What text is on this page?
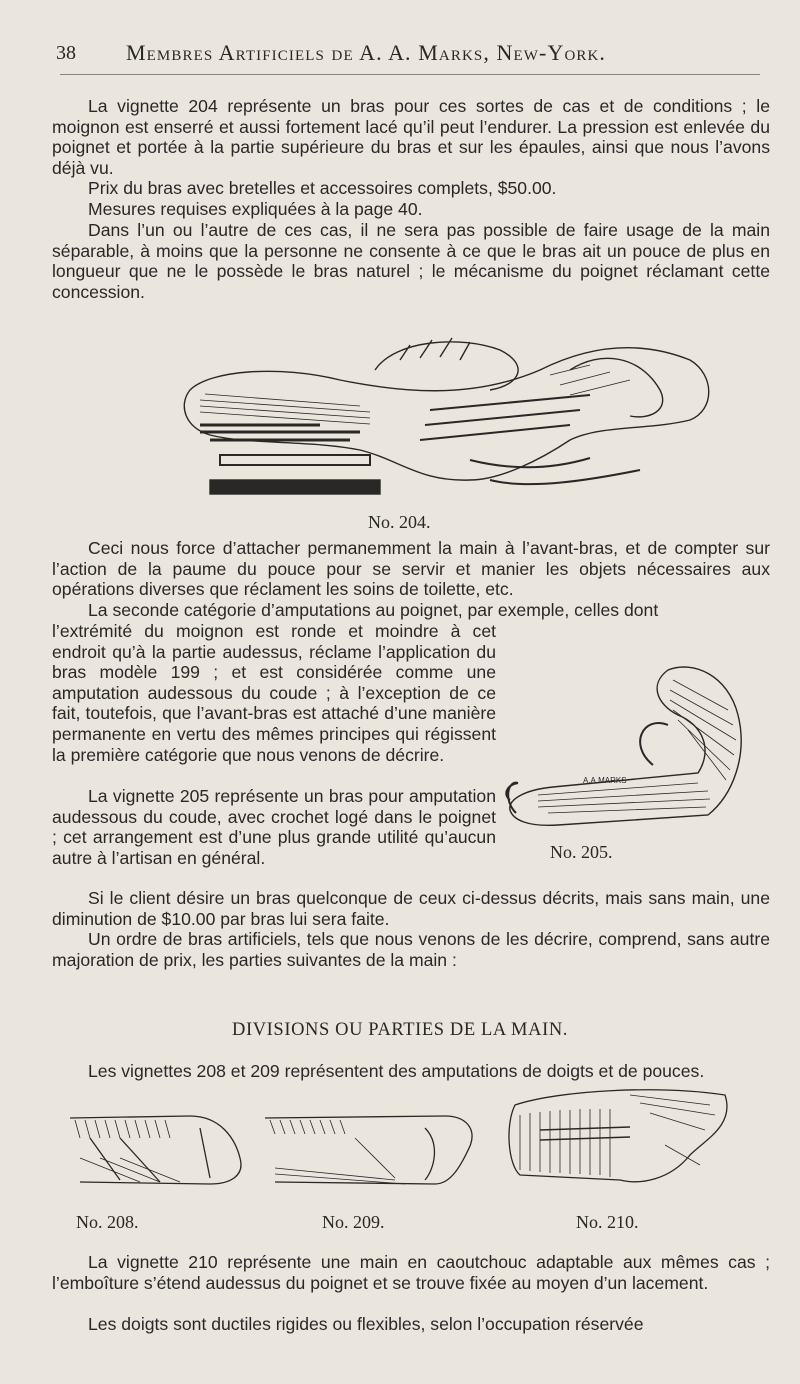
38 Membres Artificiels de A. A. Marks, New-York.

La vignette 204 représente un bras pour ces sortes de cas et de conditions ; le moignon est enserré et aussi fortement lacé qu’il peut l’endurer. La pression est enlevée du poignet et portée à la partie supérieure du bras et sur les épaules, ainsi que nous l’avons déjà vu.

Prix du bras avec bretelles et accessoires complets, $50.00.

Mesures requises expliquées à la page 40.

Dans l’un ou l’autre de ces cas, il ne sera pas possible de faire usage de la main séparable, à moins que la personne ne consente à ce que le bras ait un pouce de plus en longueur que ne le possède le bras naturel ; le mécanisme du poignet réclamant cette concession.

No. 204.

Ceci nous force d’attacher permanemment la main à l’avant-bras, et de compter sur l’action de la paume du pouce pour se servir et manier les objets nécessaires aux opérations diverses que réclament les soins de toilette, etc.

La seconde catégorie d’amputations au poignet, par exemple, celles dont

l’extrémité du moignon est ronde et moindre à cet endroit qu’à la partie audessus, réclame l’application du bras modèle 199 ; et est considérée comme une amputation audessous du coude ; à l’exception de ce fait, toutefois, que l’avant-bras est attaché d’une manière permanente en vertu des mêmes principes qui régissent la première catégorie que nous venons de décrire.

La vignette 205 représente un bras pour amputation audessous du coude, avec crochet logé dans le poignet ; cet arrangement est d’une plus grande utilité qu’aucun autre à l’artisan en général.

A.A.MARKS
No. 205.

Si le client désire un bras quelconque de ceux ci-dessus décrits, mais sans main, une diminution de $10.00 par bras lui sera faite.

Un ordre de bras artificiels, tels que nous venons de les décrire, comprend, sans autre majoration de prix, les parties suivantes de la main :

DIVISIONS OU PARTIES DE LA MAIN.

Les vignettes 208 et 209 représentent des amputations de doigts et de pouces.

No. 208.	No. 209.	No. 210.

La vignette 210 représente une main en caoutchouc adaptable aux mêmes cas ; l’emboîture s’étend audessus du poignet et se trouve fixée au moyen d’un lacement.

Les doigts sont ductiles rigides ou flexibles, selon l’occupation réservée
